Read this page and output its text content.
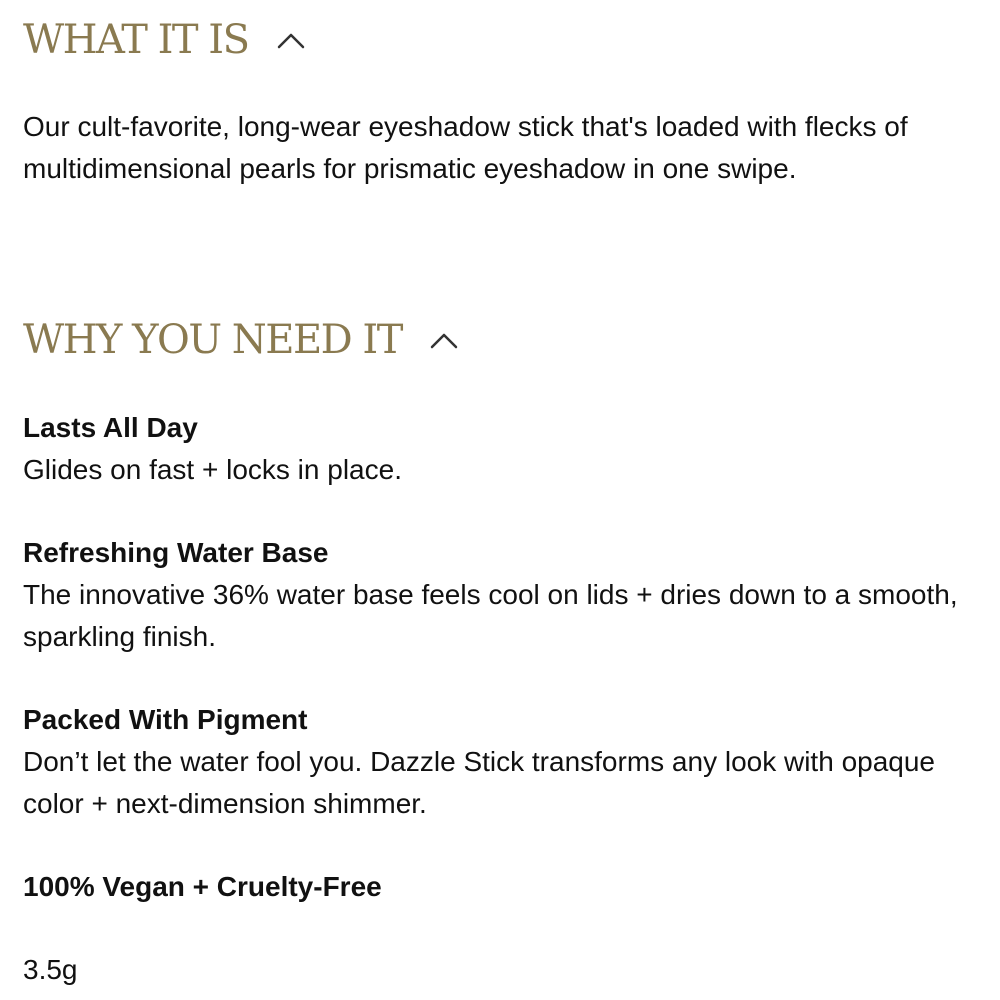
WHAT IT IS

Our cult-favorite, long-wear eyeshadow stick that's loaded with flecks of multidimensional pearls for prismatic eyeshadow in one swipe.

WHY YOU NEED IT
Lasts All Day
Glides on fast + locks in place.
Refreshing Water Base
The innovative 36% water base feels cool on lids + dries down to a smooth, sparkling finish.
Packed With Pigment
Don’t let the water fool you. Dazzle Stick transforms any look with opaque color + next-dimension shimmer.
100% Vegan + Cruelty-Free
3.5g
